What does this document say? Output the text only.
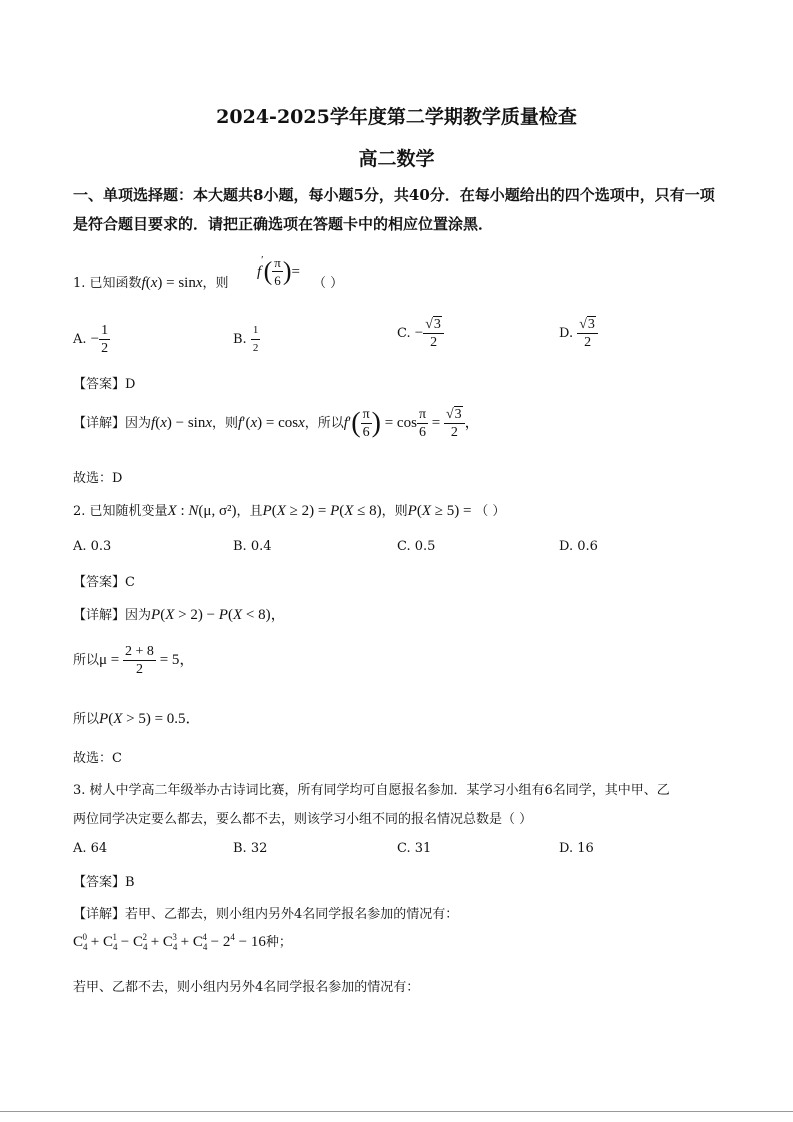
2024-2025学年度第二学期教学质量检查
高二数学
一、单项选择题：本大题共8小题，每小题5分，共40分．在每小题给出的四个选项中，只有一项是符合题目要求的．请把正确选项在答题卡中的相应位置涂黑．
1. 已知函数f(x) = sinx，则
$f'( \frac{\pi}{6}$ )=
（ ）
A. − $\frac{1}{2}$	B. $\frac{1}{2}$	C. − $\frac{√3}{2}$	D. $\frac{√3}{2}$
【答案】D
【详解】因为f(x) − sinx，则f′(x) = cosx，所以$f'( \frac{\pi}{6}$ ) = $\cos \frac{\pi}{6} = \frac{√3}{2}$ ，
故选：D
2. 已知随机变量X : N(μ, σ²)，且P(X ≥ 2) = P(X ≤ 8)，则P(X ≥ 5) = （ ）
A. 0.3	B. 0.4	C. 0.5	D. 0.6
【答案】C
【详解】因为P(X > 2) − P(X < 8)，
所以$\mu = \frac{2 + 8}{2} = 5$，
所以P(X > 5) = 0.5．
故选：C
3. 树人中学高二年级举办古诗词比赛，所有同学均可自愿报名参加．某学习小组有6名同学，其中甲、乙
两位同学决定要么都去，要么都不去，则该学习小组不同的报名情况总数是（ ）
A. 64	B. 32	C. 31	D. 16
【答案】B
【详解】若甲、乙都去，则小组内另外4名同学报名参加的情况有：
$C_4^0 + C_4^1 - C_4^2 + C_4^3 + C_4^4 - 2^4 - 16$种；
若甲、乙都不去，则小组内另外4名同学报名参加的情况有：
